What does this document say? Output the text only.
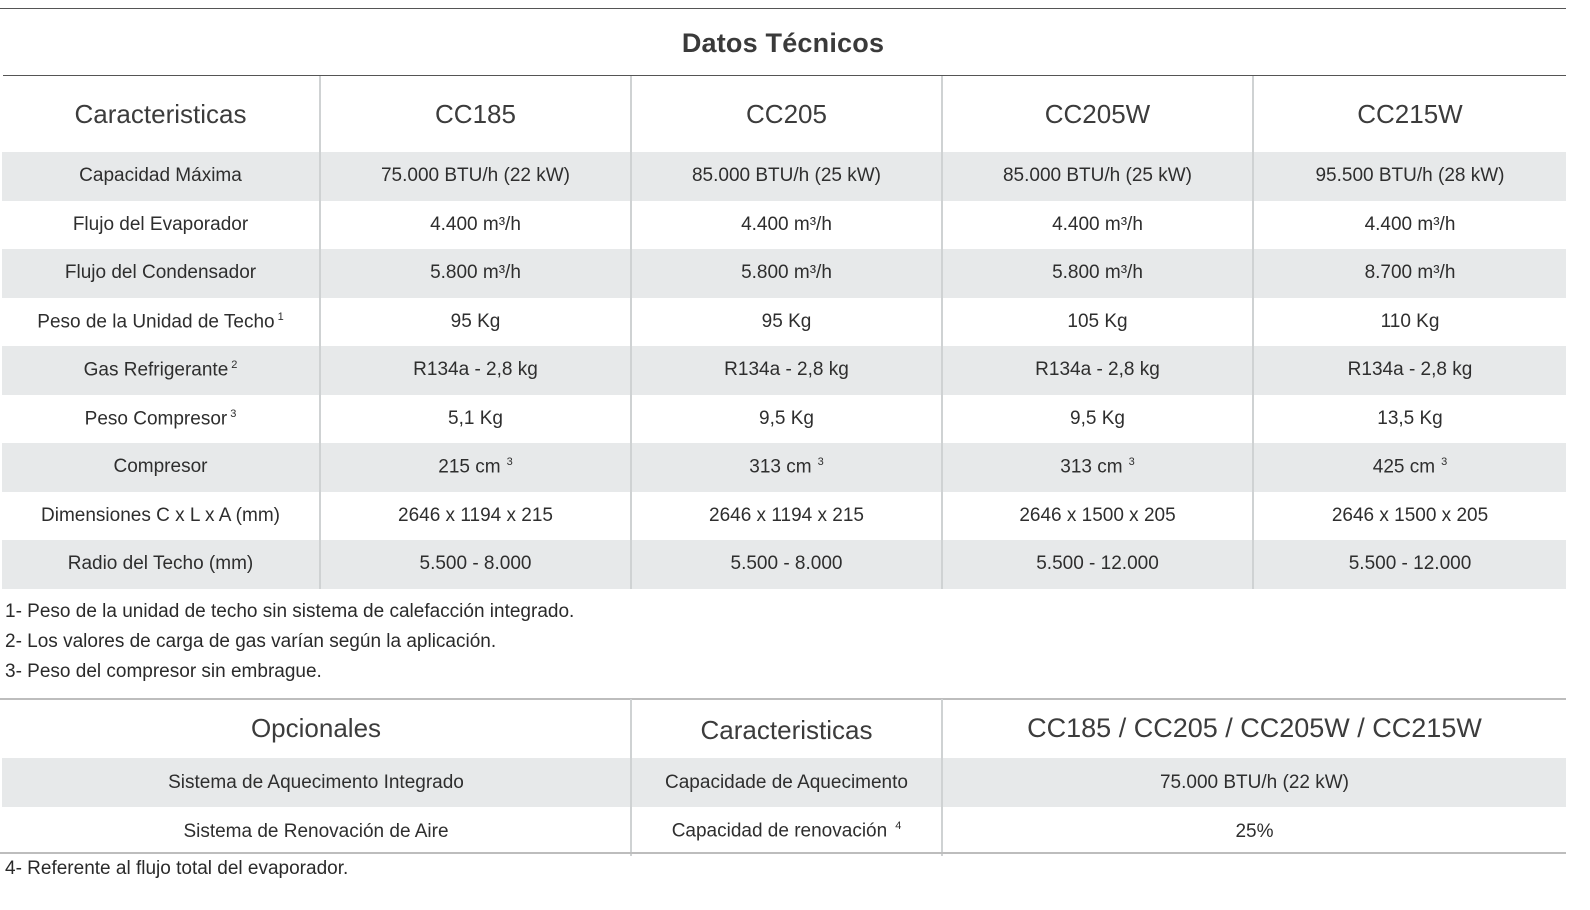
Datos Técnicos
Caracteristicas	CC185	CC205	CC205W	CC215W
Capacidad Máxima	75.000 BTU/h (22 kW)	85.000 BTU/h (25 kW)	85.000 BTU/h (25 kW)	95.500 BTU/h (28 kW)
Flujo del Evaporador	4.400 m³/h	4.400 m³/h	4.400 m³/h	4.400 m³/h
Flujo del Condensador	5.800 m³/h	5.800 m³/h	5.800 m³/h	8.700 m³/h
Peso de la Unidad de Techo $^1$	95 Kg	95 Kg	105 Kg	110 Kg
Gas Refrigerante $^2$	R134a - 2,8 kg	R134a - 2,8 kg	R134a - 2,8 kg	R134a - 2,8 kg
Peso Compresor $^3$	5,1 Kg	9,5 Kg	9,5 Kg	13,5 Kg
Compresor	215 cm $^3$	313 cm $^3$	313 cm $^3$	425 cm $^3$
Dimensiones C x L x A (mm)	2646 x 1194 x 215	2646 x 1194 x 215	2646 x 1500 x 205	2646 x 1500 x 205
Radio del Techo (mm)	5.500 - 8.000	5.500 - 8.000	5.500 - 12.000	5.500 - 12.000
1- Peso de la unidad de techo sin sistema de calefacción integrado.
2- Los valores de carga de gas varían según la aplicación.
3- Peso del compresor sin embrague.
Opcionales	Caracteristicas	CC185 / CC205 / CC205W / CC215W
Sistema de Aquecimento Integrado	Capacidade de Aquecimento	75.000 BTU/h (22 kW)
Sistema de Renovación de Aire	Capacidad de renovación $^4$	25%
4- Referente al flujo total del evaporador.
